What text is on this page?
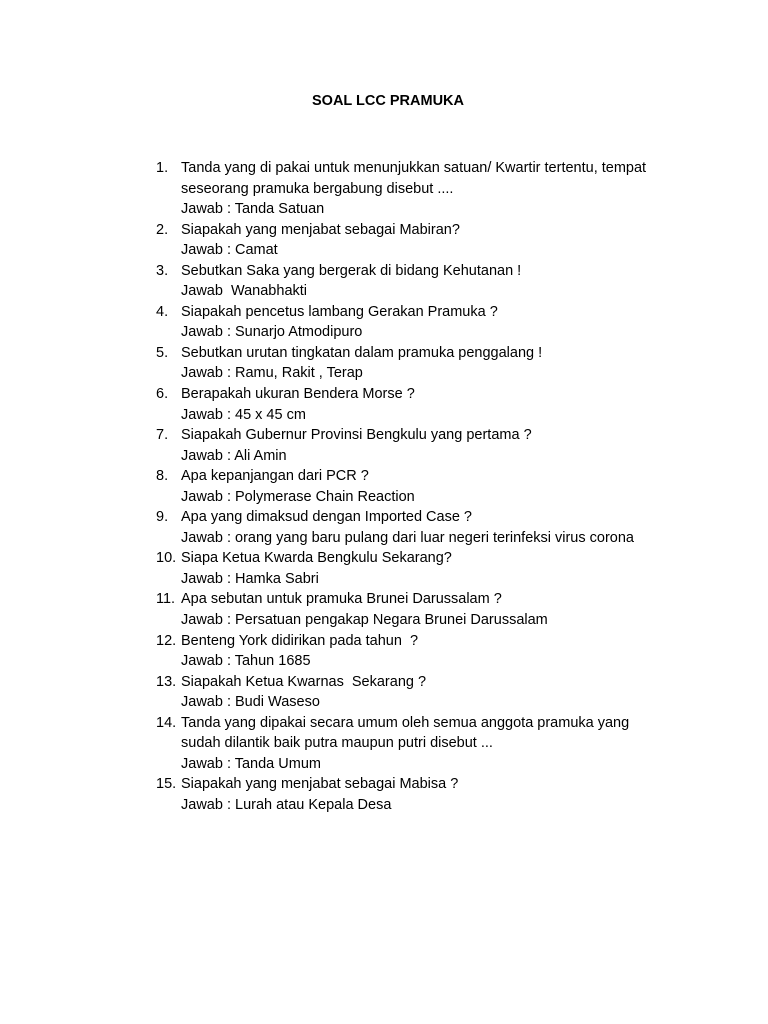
SOAL LCC PRAMUKA
1. Tanda yang di pakai untuk menunjukkan satuan/ Kwartir tertentu, tempat
seseorang pramuka bergabung disebut ....
Jawab : Tanda Satuan
2. Siapakah yang menjabat sebagai Mabiran?
Jawab : Camat
3. Sebutkan Saka yang bergerak di bidang Kehutanan !
Jawab  Wanabhakti
4. Siapakah pencetus lambang Gerakan Pramuka ?
Jawab : Sunarjo Atmodipuro
5. Sebutkan urutan tingkatan dalam pramuka penggalang !
Jawab : Ramu, Rakit , Terap
6. Berapakah ukuran Bendera Morse ?
Jawab : 45 x 45 cm
7. Siapakah Gubernur Provinsi Bengkulu yang pertama ?
Jawab : Ali Amin
8. Apa kepanjangan dari PCR ?
Jawab : Polymerase Chain Reaction
9. Apa yang dimaksud dengan Imported Case ?
Jawab : orang yang baru pulang dari luar negeri terinfeksi virus corona
10. Siapa Ketua Kwarda Bengkulu Sekarang?
Jawab : Hamka Sabri
11. Apa sebutan untuk pramuka Brunei Darussalam ?
Jawab : Persatuan pengakap Negara Brunei Darussalam
12. Benteng York didirikan pada tahun  ?
Jawab : Tahun 1685
13. Siapakah Ketua Kwarnas  Sekarang ?
Jawab : Budi Waseso
14. Tanda yang dipakai secara umum oleh semua anggota pramuka yang
sudah dilantik baik putra maupun putri disebut ...
Jawab : Tanda Umum
15. Siapakah yang menjabat sebagai Mabisa ?
Jawab : Lurah atau Kepala Desa
